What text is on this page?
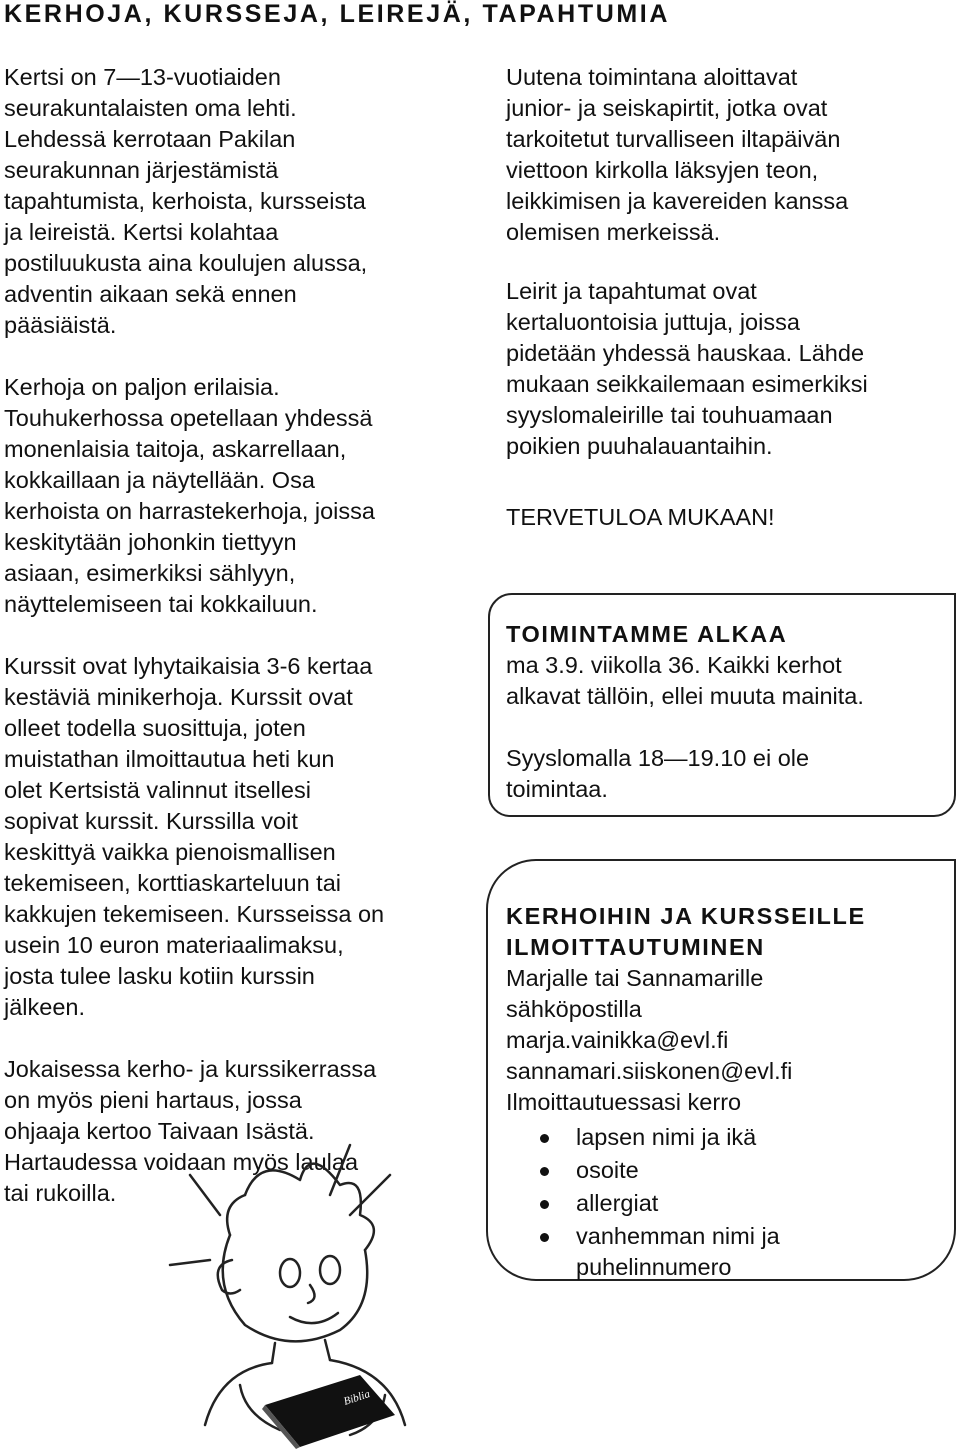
KERHOJA, KURSSEJA, LEIREJÄ, TAPAHTUMIA

Kertsi on 7—13-vuotiaiden
seurakuntalaisten oma lehti.
Lehdessä kerrotaan Pakilan
seurakunnan järjestämistä
tapahtumista, kerhoista, kursseista
ja leireistä. Kertsi kolahtaa
postiluukusta aina koulujen alussa,
adventin aikaan sekä ennen
pääsiäistä.

Kerhoja on paljon erilaisia.
Touhukerhossa opetellaan yhdessä
monenlaisia taitoja, askarrellaan,
kokkaillaan ja näytellään. Osa
kerhoista on harrastekerhoja, joissa
keskitytään johonkin tiettyyn
asiaan, esimerkiksi sählyyn,
näyttelemiseen tai kokkailuun.

Kurssit ovat lyhytaikaisia 3-6 kertaa
kestäviä minikerhoja. Kurssit ovat
olleet todella suosittuja, joten
muistathan ilmoittautua heti kun
olet Kertsistä valinnut itsellesi
sopivat kurssit. Kurssilla voit
keskittyä vaikka pienoismallisen
tekemiseen, korttiaskarteluun tai
kakkujen tekemiseen. Kursseissa on
usein 10 euron materiaalimaksu,
josta tulee lasku kotiin kurssin
jälkeen.

Jokaisessa kerho- ja kurssikerrassa
on myös pieni hartaus, jossa
ohjaaja kertoo Taivaan Isästä.
Hartaudessa voidaan myös laulaa
tai rukoilla.

Uutena toimintana aloittavat
junior- ja seiskapirtit, jotka ovat
tarkoitetut turvalliseen iltapäivän
viettoon kirkolla läksyjen teon,
leikkimisen ja kavereiden kanssa
olemisen merkeissä.

Leirit ja tapahtumat ovat
kertaluontoisia juttuja, joissa
pidetään yhdessä hauskaa. Lähde
mukaan seikkailemaan esimerkiksi
syyslomaleirille tai touhuamaan
poikien puuhalauantaihin.

TERVETULOA MUKAAN!

TOIMINTAMME ALKAA
ma 3.9. viikolla 36. Kaikki kerhot
alkavat tällöin, ellei muuta mainita.
Syyslomalla 18—19.10 ei ole
toimintaa.
KERHOIHIN JA KURSSEILLE
ILMOITTAUTUMINEN
Marjalle tai Sannamarille
sähköpostilla
marja.vainikka@evl.fi
sannamari.siiskonen@evl.fi
Ilmoittautuessasi kerro
lapsen nimi ja ikä
osoite
allergiat
vanhemman nimi ja puhelinnumero
Biblia
